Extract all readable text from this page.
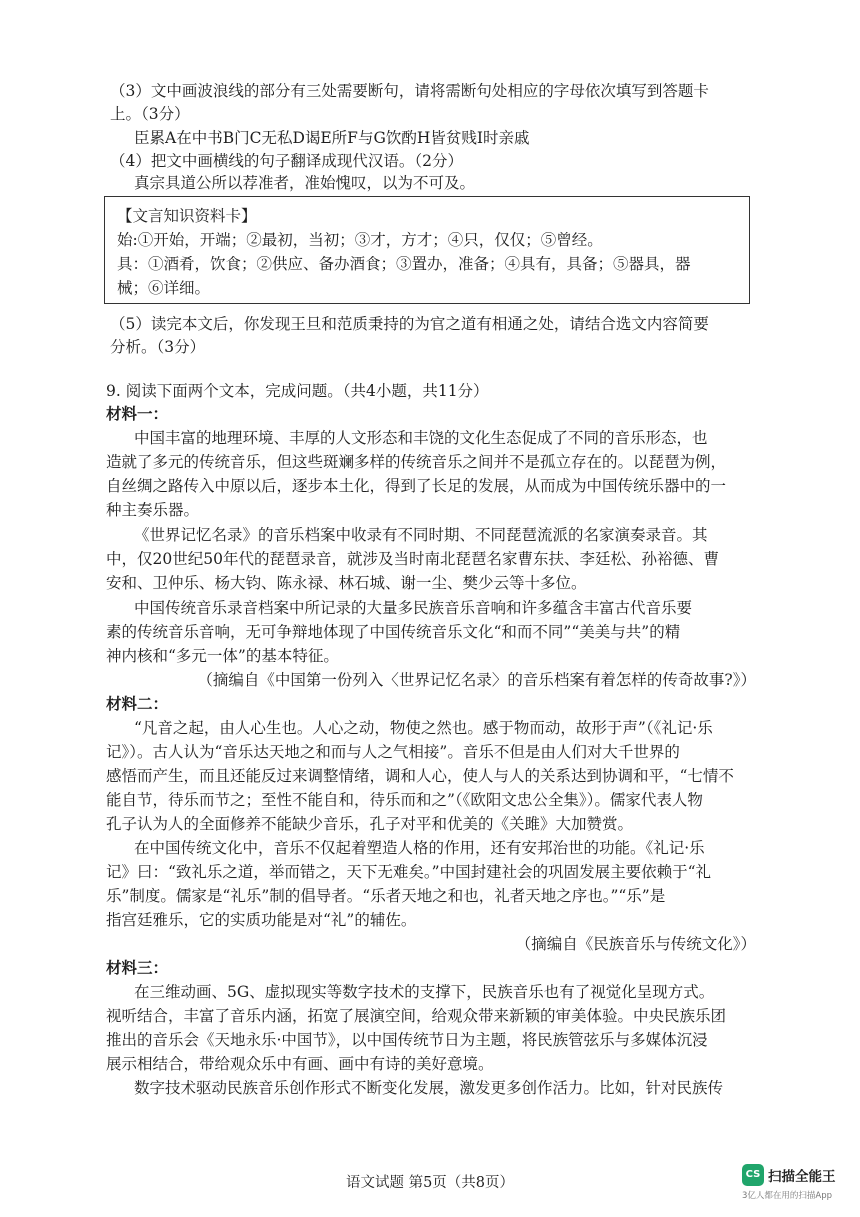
（3）文中画波浪线的部分有三处需要断句，请将需断句处相应的字母依次填写到答题卡
上。（3分）
臣累A在中书B门C无私D谒E所F与G饮酌H皆贫贱I时亲戚
（4）把文中画横线的句子翻译成现代汉语。（2分）
真宗具道公所以荐准者，准始愧叹，以为不可及。
【文言知识资料卡】
始:①开始，开端；②最初，当初；③才，方才；④只，仅仅；⑤曾经。
具：①酒肴，饮食；②供应、备办酒食；③置办，准备；④具有，具备；⑤器具，器
械；⑥详细。
（5）读完本文后，你发现王旦和范质秉持的为官之道有相通之处，请结合选文内容简要
分析。（3分）
9. 阅读下面两个文本，完成问题。（共4小题，共11分）
材料一：
中国丰富的地理环境、丰厚的人文形态和丰饶的文化生态促成了不同的音乐形态，也
造就了多元的传统音乐，但这些斑斓多样的传统音乐之间并不是孤立存在的。以琵琶为例，
自丝绸之路传入中原以后，逐步本土化，得到了长足的发展，从而成为中国传统乐器中的一
种主奏乐器。
《世界记忆名录》的音乐档案中收录有不同时期、不同琵琶流派的名家演奏录音。其
中，仅20世纪50年代的琵琶录音，就涉及当时南北琵琶名家曹东扶、李廷松、孙裕德、曹
安和、卫仲乐、杨大钧、陈永禄、林石城、谢一尘、樊少云等十多位。
中国传统音乐录音档案中所记录的大量多民族音乐音响和许多蕴含丰富古代音乐要
素的传统音乐音响，无可争辩地体现了中国传统音乐文化“和而不同”“美美与共”的精
神内核和“多元一体”的基本特征。
（摘编自《中国第一份列入〈世界记忆名录〉的音乐档案有着怎样的传奇故事?》）
材料二：
“凡音之起，由人心生也。人心之动，物使之然也。感于物而动，故形于声”（《礼记·乐
记》）。古人认为“音乐达天地之和而与人之气相接”。音乐不但是由人们对大千世界的
感悟而产生，而且还能反过来调整情绪，调和人心，使人与人的关系达到协调和平，“七情不
能自节，待乐而节之；至性不能自和，待乐而和之”（《欧阳文忠公全集》）。儒家代表人物
孔子认为人的全面修养不能缺少音乐，孔子对平和优美的《关雎》大加赞赏。
在中国传统文化中，音乐不仅起着塑造人格的作用，还有安邦治世的功能。《礼记·乐
记》曰：“致礼乐之道，举而错之，天下无难矣。”中国封建社会的巩固发展主要依赖于“礼
乐”制度。儒家是“礼乐”制的倡导者。“乐者天地之和也，礼者天地之序也。”“乐”是
指宫廷雅乐，它的实质功能是对“礼”的辅佐。
（摘编自《民族音乐与传统文化》）
材料三：
在三维动画、5G、虚拟现实等数字技术的支撑下，民族音乐也有了视觉化呈现方式。
视听结合，丰富了音乐内涵，拓宽了展演空间，给观众带来新颖的审美体验。中央民族乐团
推出的音乐会《天地永乐·中国节》，以中国传统节日为主题，将民族管弦乐与多媒体沉浸
展示相结合，带给观众乐中有画、画中有诗的美好意境。
数字技术驱动民族音乐创作形式不断变化发展，激发更多创作活力。比如，针对民族传
语文试题 第5页（共8页）
CS 扫描全能王
3亿人都在用的扫描App
